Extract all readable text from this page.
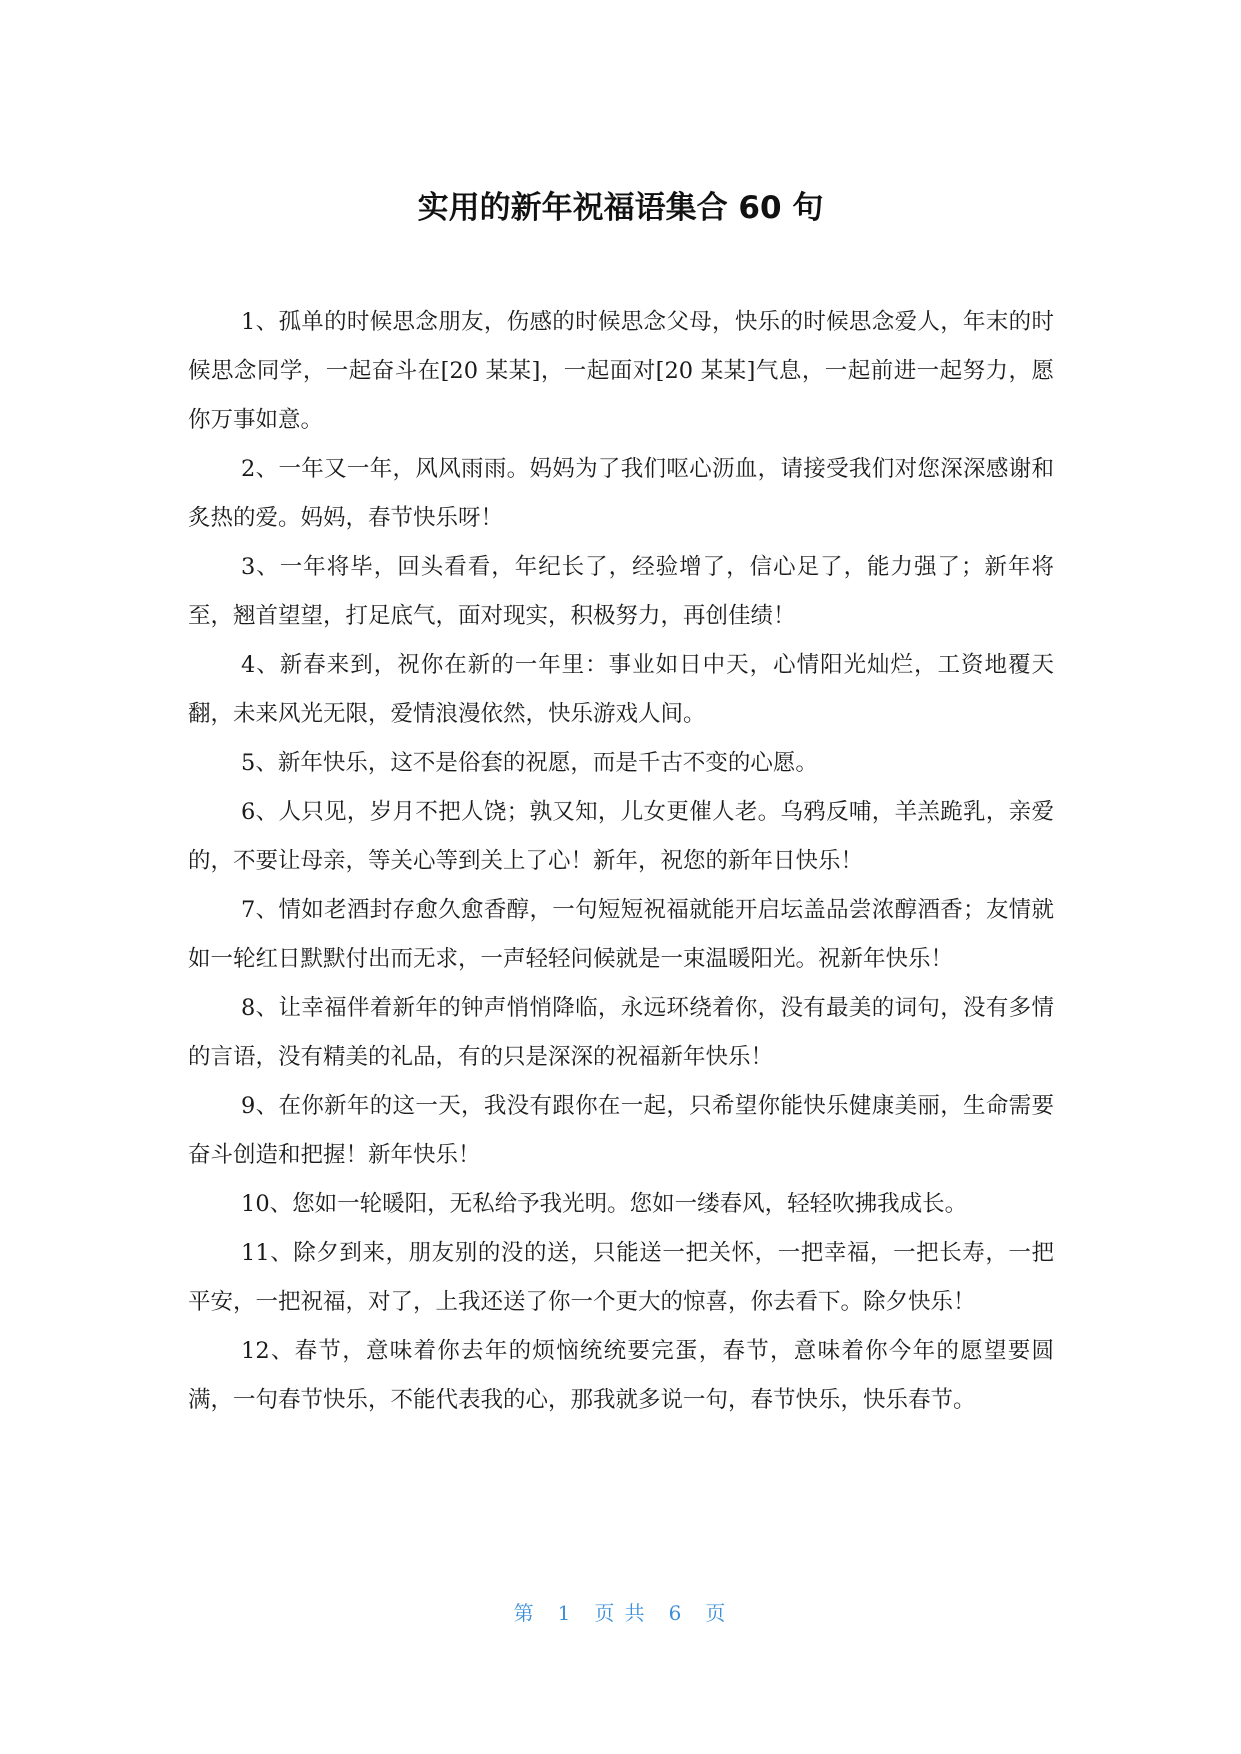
实用的新年祝福语集合 60 句

1、孤单的时候思念朋友，伤感的时候思念父母，快乐的时候思念爱人，年末的时候思念同学，一起奋斗在[20 某某]，一起面对[20 某某]气息，一起前进一起努力，愿你万事如意。

2、一年又一年，风风雨雨。妈妈为了我们呕心沥血，请接受我们对您深深感谢和炙热的爱。妈妈，春节快乐呀！

3、一年将毕，回头看看，年纪长了，经验增了，信心足了，能力强了；新年将至，翘首望望，打足底气，面对现实，积极努力，再创佳绩！

4、新春来到，祝你在新的一年里：事业如日中天，心情阳光灿烂，工资地覆天翻，未来风光无限，爱情浪漫依然，快乐游戏人间。

5、新年快乐，这不是俗套的祝愿，而是千古不变的心愿。

6、人只见，岁月不把人饶；孰又知，儿女更催人老。乌鸦反哺，羊羔跪乳，亲爱的，不要让母亲，等关心等到关上了心！新年，祝您的新年日快乐！

7、情如老酒封存愈久愈香醇，一句短短祝福就能开启坛盖品尝浓醇酒香；友情就如一轮红日默默付出而无求，一声轻轻问候就是一束温暖阳光。祝新年快乐！

8、让幸福伴着新年的钟声悄悄降临，永远环绕着你，没有最美的词句，没有多情的言语，没有精美的礼品，有的只是深深的祝福新年快乐！

9、在你新年的这一天，我没有跟你在一起，只希望你能快乐健康美丽，生命需要奋斗创造和把握！新年快乐！

10、您如一轮暖阳，无私给予我光明。您如一缕春风，轻轻吹拂我成长。

11、除夕到来，朋友别的没的送，只能送一把关怀，一把幸福，一把长寿，一把平安，一把祝福，对了，上我还送了你一个更大的惊喜，你去看下。除夕快乐！

12、春节，意味着你去年的烦恼统统要完蛋，春节，意味着你今年的愿望要圆满，一句春节快乐，不能代表我的心，那我就多说一句，春节快乐，快乐春节。

第 1 页 共 6 页
